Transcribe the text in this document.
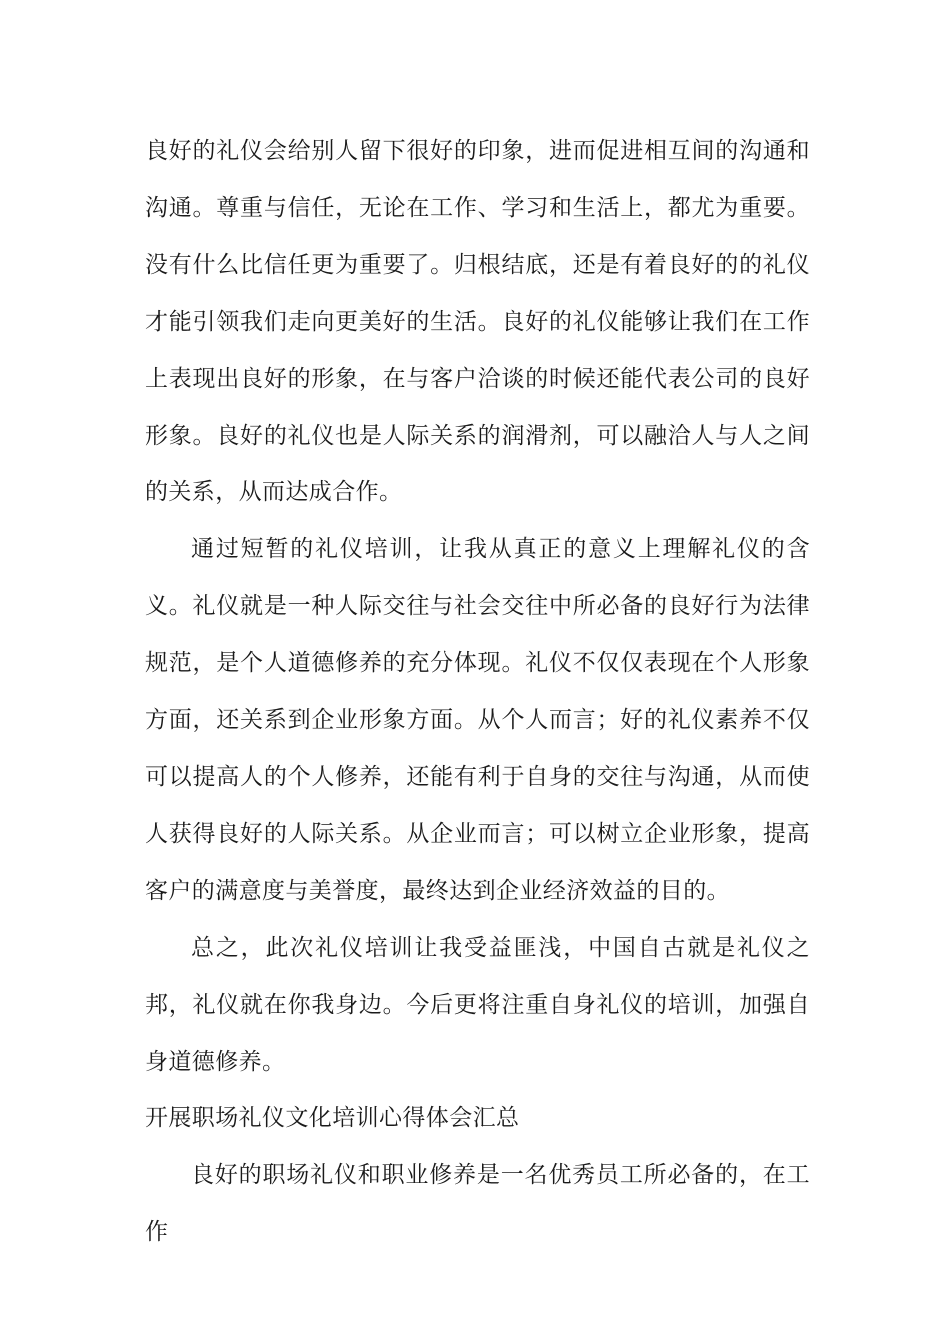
良好的礼仪会给别人留下很好的印象，进而促进相互间的沟通和沟通。尊重与信任，无论在工作、学习和生活上，都尤为重要。没有什么比信任更为重要了。归根结底，还是有着良好的的礼仪才能引领我们走向更美好的生活。良好的礼仪能够让我们在工作上表现出良好的形象，在与客户洽谈的时候还能代表公司的良好形象。良好的礼仪也是人际关系的润滑剂，可以融洽人与人之间的关系，从而达成合作。

通过短暂的礼仪培训，让我从真正的意义上理解礼仪的含义。礼仪就是一种人际交往与社会交往中所必备的良好行为法律规范，是个人道德修养的充分体现。礼仪不仅仅表现在个人形象方面，还关系到企业形象方面。从个人而言；好的礼仪素养不仅可以提高人的个人修养，还能有利于自身的交往与沟通，从而使人获得良好的人际关系。从企业而言；可以树立企业形象，提高客户的满意度与美誉度，最终达到企业经济效益的目的。

总之，此次礼仪培训让我受益匪浅，中国自古就是礼仪之邦，礼仪就在你我身边。今后更将注重自身礼仪的培训，加强自身道德修养。

开展职场礼仪文化培训心得体会汇总

良好的职场礼仪和职业修养是一名优秀员工所必备的，在工作
